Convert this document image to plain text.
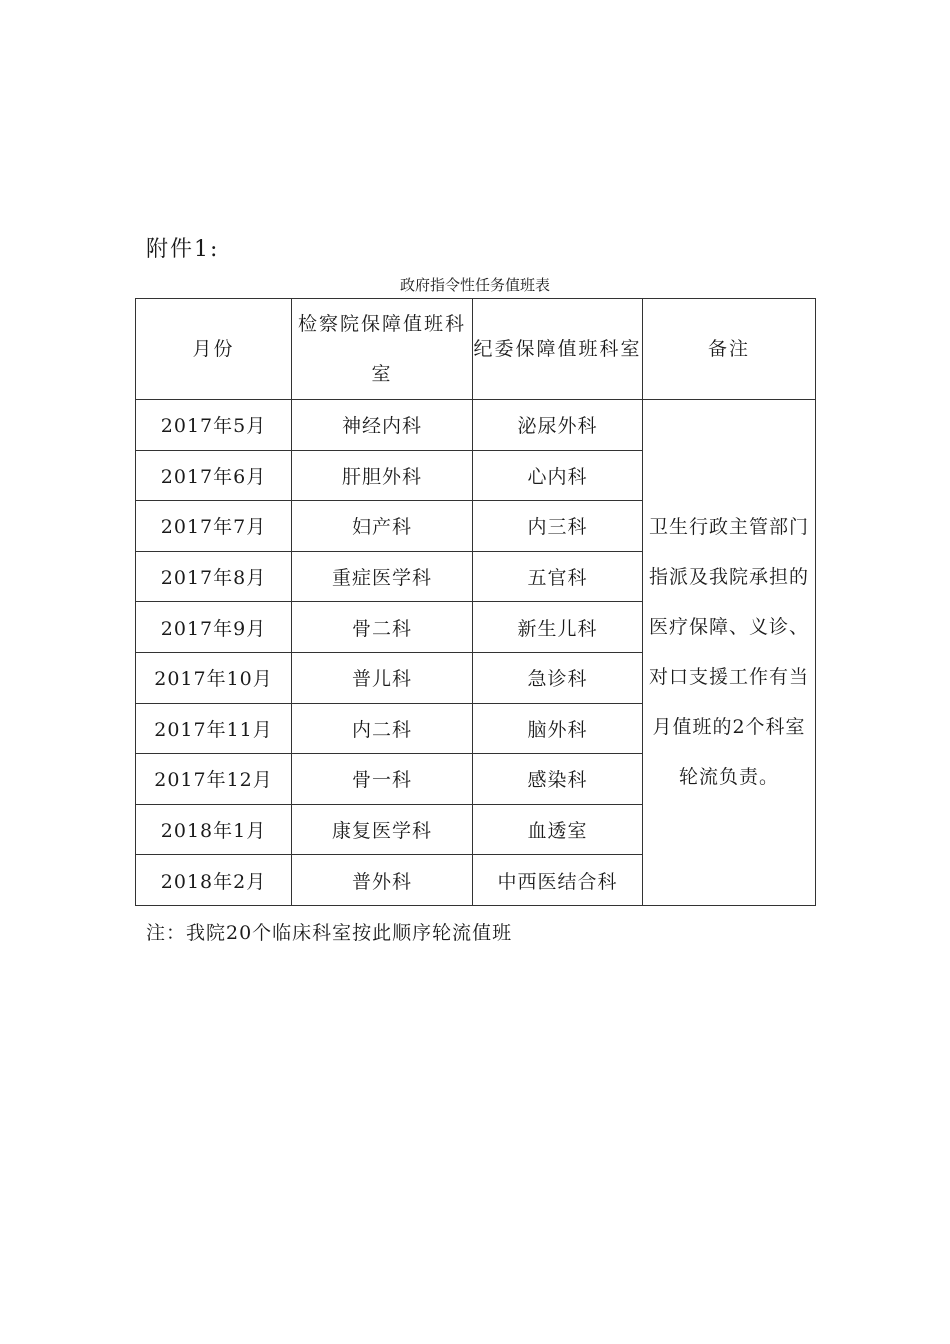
附件1:
政府指令性任务值班表
月份	检察院保障值班科室	纪委保障值班科室	备注
2017年5月	神经内科	泌尿外科	卫生行政主管部门指派及我院承担的医疗保障、义诊、对口支援工作有当月值班的2个科室轮流负责。
2017年6月	肝胆外科	心内科	
2017年7月	妇产科	内三科	
2017年8月	重症医学科	五官科	
2017年9月	骨二科	新生儿科	
2017年10月	普儿科	急诊科	
2017年11月	内二科	脑外科	
2017年12月	骨一科	感染科	
2018年1月	康复医学科	血透室	
2018年2月	普外科	中西医结合科	
注：我院20个临床科室按此顺序轮流值班
